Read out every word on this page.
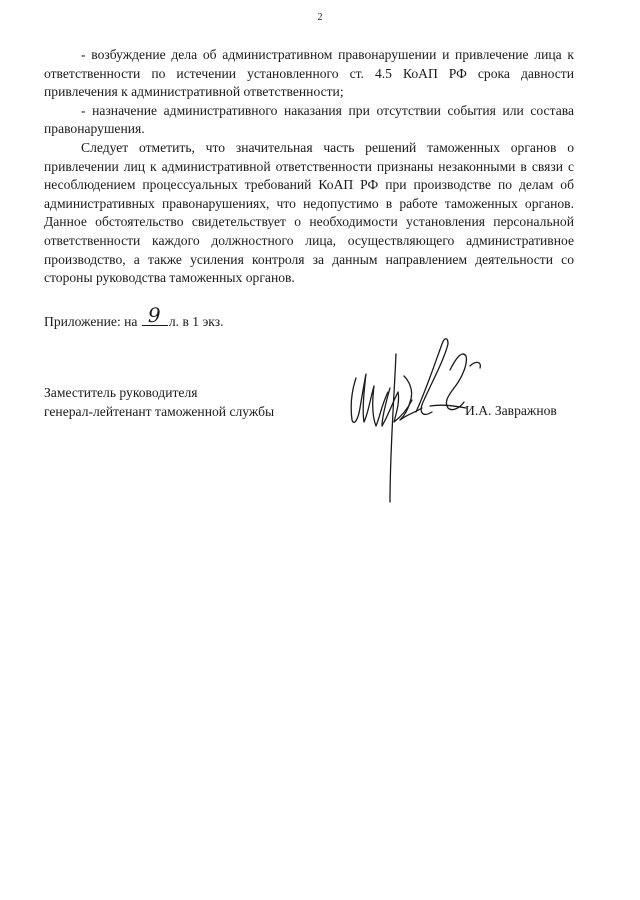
2

- возбуждение дела об административном правонарушении и привлечение лица к ответственности по истечении установленного ст. 4.5 КоАП РФ срока давности привлечения к административной ответственности;

- назначение административного наказания при отсутствии события или состава правонарушения.

Следует отметить, что значительная часть решений таможенных органов о привлечении лиц к административной ответственности признаны незаконными в связи с несоблюдением процессуальных требований КоАП РФ при производстве по делам об административных правонарушениях, что недопустимо в работе таможенных органов. Данное обстоятельство свидетельствует о необходимости установления персональной ответственности каждого должностного лица, осуществляющего административное производство, а также усиления контроля за данным направлением деятельности со стороны руководства таможенных органов.

Приложение: на 9 л. в 1 экз.
Заместитель руководителя
генерал-лейтенант таможенной службы	И.А. Завражнов
